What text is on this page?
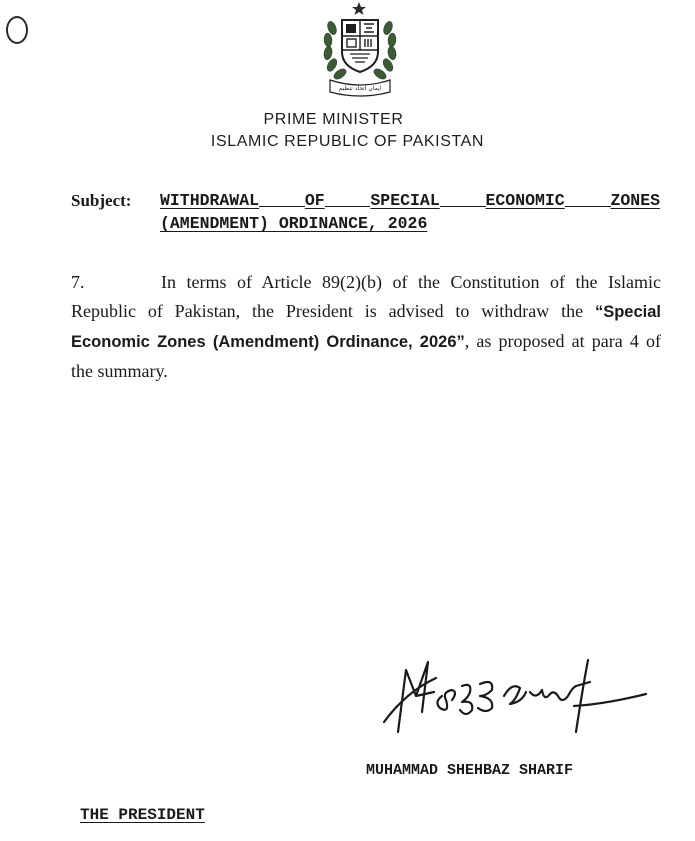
ایمان اتحاد تنظیم
PRIME MINISTER
ISLAMIC REPUBLIC OF PAKISTAN
Subject: WITHDRAWAL	OF	SPECIAL	ECONOMIC	ZONES
(AMENDMENT) ORDINANCE, 2026
7.	In terms of Article 89(2)(b) of the Constitution of the Islamic Republic of Pakistan, the President is advised to withdraw the “Special Economic Zones (Amendment) Ordinance, 2026”, as proposed at para 4 of the summary.
M Shehbaz Sharif
MUHAMMAD SHEHBAZ SHARIF
THE PRESIDENT
